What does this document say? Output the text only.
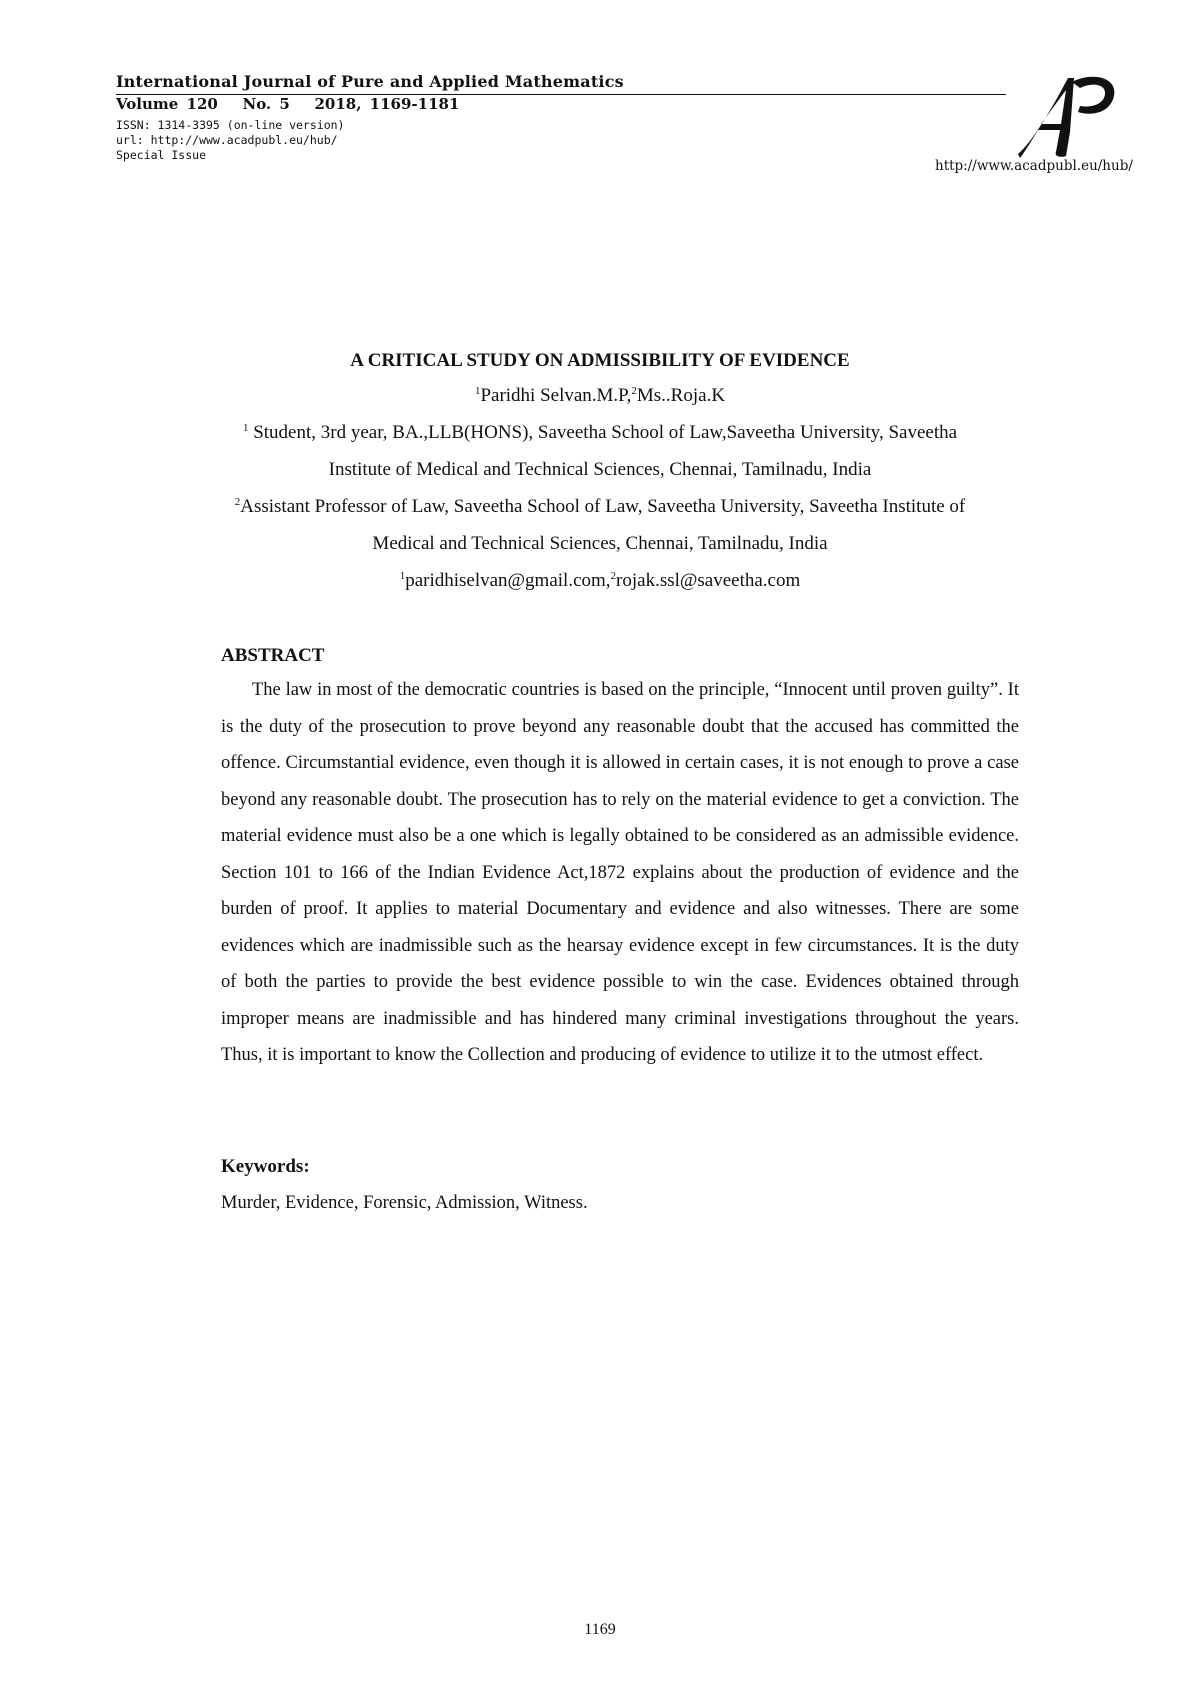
International Journal of Pure and Applied Mathematics
Volume 120   No. 5   2018, 1169-1181
ISSN: 1314-3395 (on-line version)
url: http://www.acadpubl.eu/hub/
Special Issue
http://www.acadpubl.eu/hub/
A CRITICAL STUDY ON ADMISSIBILITY OF EVIDENCE
$^1$Paridhi Selvan.M.P,$^2$Ms..Roja.K
$^1$ Student, 3rd year, BA.,LLB(HONS), Saveetha School of Law,Saveetha University, Saveetha
Institute of Medical and Technical Sciences, Chennai, Tamilnadu, India
$^2$Assistant Professor of Law, Saveetha School of Law, Saveetha University, Saveetha Institute of
Medical and Technical Sciences, Chennai, Tamilnadu, India
$^1$paridhiselvan@gmail.com,$^2$rojak.ssl@saveetha.com
ABSTRACT
The law in most of the democratic countries is based on the principle, “Innocent until proven guilty”. It is the duty of the prosecution to prove beyond any reasonable doubt that the accused has committed the offence. Circumstantial evidence, even though it is allowed in certain cases, it is not enough to prove a case beyond any reasonable doubt. The prosecution has to rely on the material evidence to get a conviction. The material evidence must also be a one which is legally obtained to be considered as an admissible evidence. Section 101 to 166 of the Indian Evidence Act,1872 explains about the production of evidence and the burden of proof. It applies to material Documentary and evidence and also witnesses. There are some evidences which are inadmissible such as the hearsay evidence except in few circumstances. It is the duty of both the parties to provide the best evidence possible to win the case. Evidences obtained through improper means are inadmissible and has hindered many criminal investigations throughout the years. Thus, it is important to know the Collection and producing of evidence to utilize it to the utmost effect.
Keywords:
Murder, Evidence, Forensic, Admission, Witness.
1169
